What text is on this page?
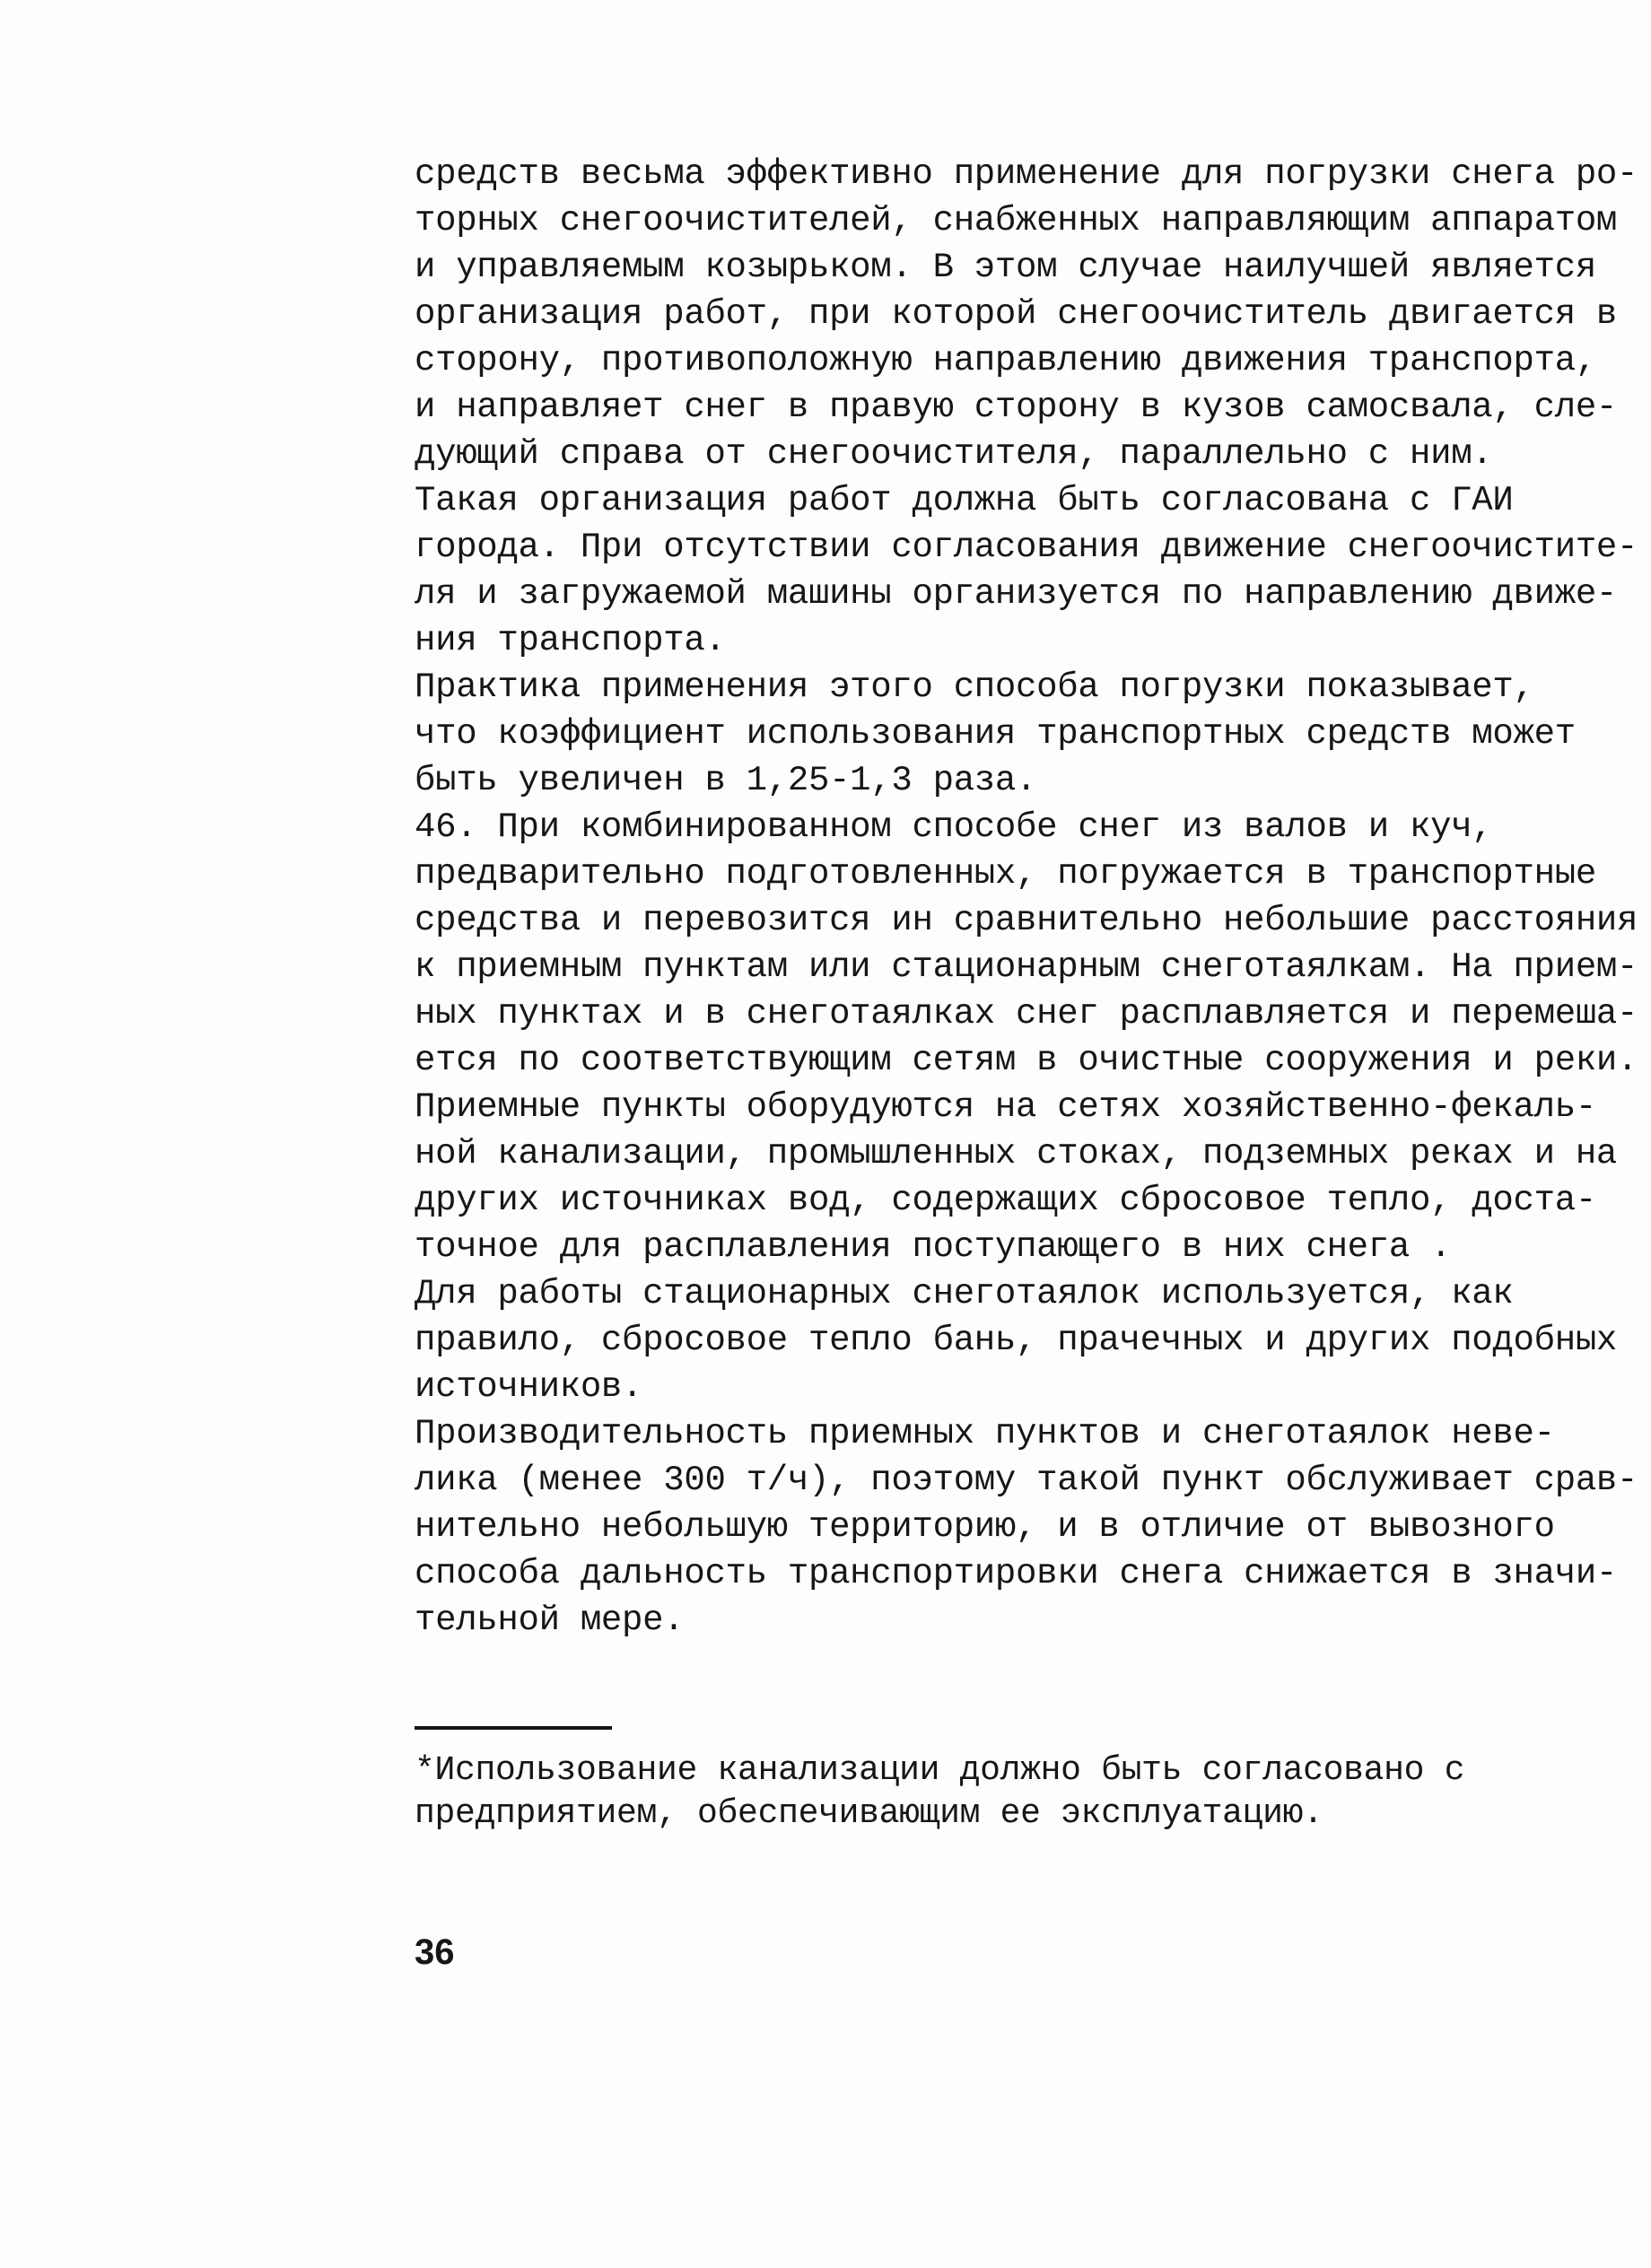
средств весьма эффективно применение для погрузки снега ро-
торных снегоочистителей, снабженных направляющим аппаратом
и управляемым козырьком. В этом случае наилучшей является
организация работ, при которой снегоочиститель двигается в
сторону, противоположную направлению движения транспорта,
и направляет снег в правую сторону в кузов самосвала, сле-
дующий справа от снегоочистителя, параллельно с ним.
Такая организация работ должна быть согласована с ГАИ
города. При отсутствии согласования движение снегоочистите-
ля и загружаемой машины организуется по направлению движе-
ния транспорта.
Практика применения этого способа погрузки показывает,
что коэффициент использования транспортных средств может
быть увеличен в 1,25-1,3 раза.
46. При комбинированном способе снег из валов и куч,
предварительно подготовленных, погружается в транспортные
средства и перевозится ин сравнительно небольшие расстояния
к приемным пунктам или стационарным снеготаялкам. На прием-
ных пунктах и в снеготаялках снег расплавляется и перемеша-
ется по соответствующим сетям в очистные сооружения и реки.
Приемные пункты оборудуются на сетях хозяйственно-фекаль-
ной канализации, промышленных стоках, подземных реках и на
других источниках вод, содержащих сбросовое тепло, доста-
точное для расплавления поступающего в них снега .
Для работы стационарных снеготаялок используется, как
правило, сбросовое тепло бань, прачечных и других подобных
источников.
Производительность приемных пунктов и снеготаялок неве-
лика (менее 300 т/ч), поэтому такой пункт обслуживает срав-
нительно небольшую территорию, и в отличие от вывозного
способа дальность транспортировки снега снижается в значи-
тельной мере.
*Использование канализации должно быть согласовано с
предприятием, обеспечивающим ее эксплуатацию.
36
